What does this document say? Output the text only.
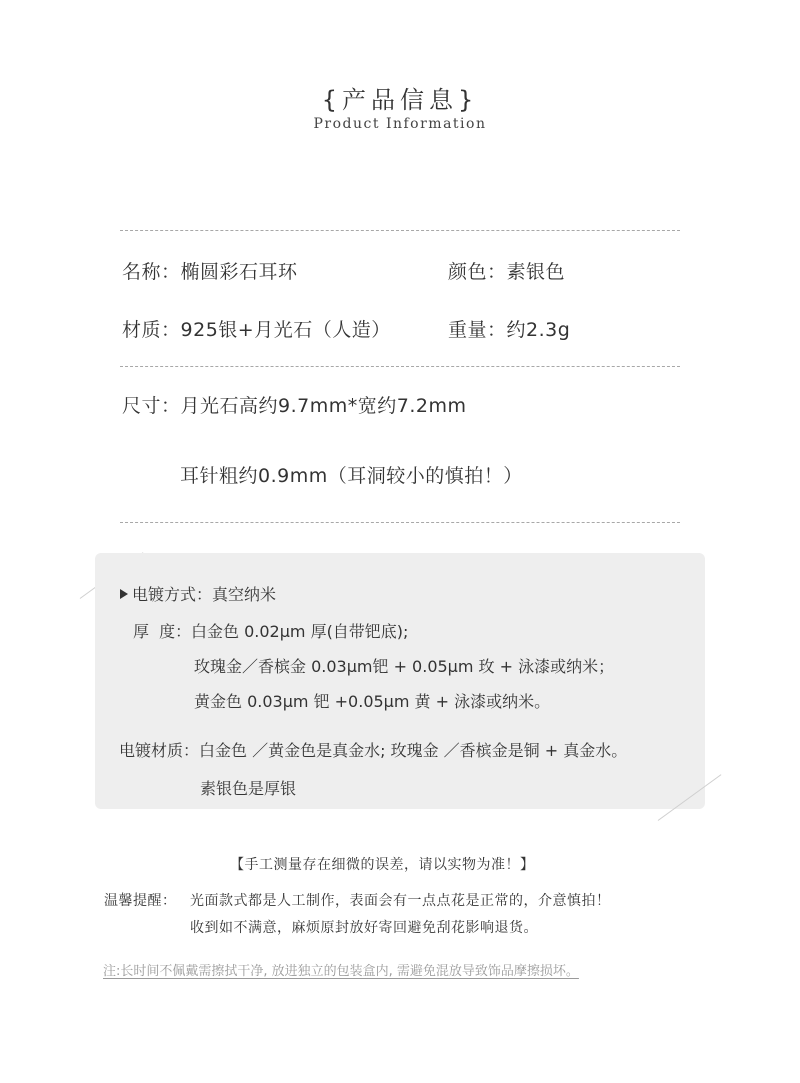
{产品信息}
Product Information
名称：椭圆彩石耳环	颜色：素银色
材质：925银+月光石（人造）	重量：约2.3g
尺寸：月光石高约9.7mm*宽约7.2mm
耳针粗约0.9mm（耳洞较小的慎拍！）
电镀方式：真空纳米
厚  度： 白金色 0.02μm 厚(自带钯底);
玫瑰金／香槟金 0.03μm钯 + 0.05μm 玫 + 泳漆或纳米；
黄金色 0.03μm 钯 +0.05μm 黄 + 泳漆或纳米。
电镀材质：白金色 ／黄金色是真金水; 玫瑰金 ／香槟金是铜 + 真金水。
素银色是厚银
【手工测量存在细微的误差，请以实物为准！】
温馨提醒： 光面款式都是人工制作，表面会有一点点花是正常的，介意慎拍！
收到如不满意，麻烦原封放好寄回避免刮花影响退货。
注:长时间不佩戴需擦拭干净, 放进独立的包装盒内, 需避免混放导致饰品摩擦损坏。
